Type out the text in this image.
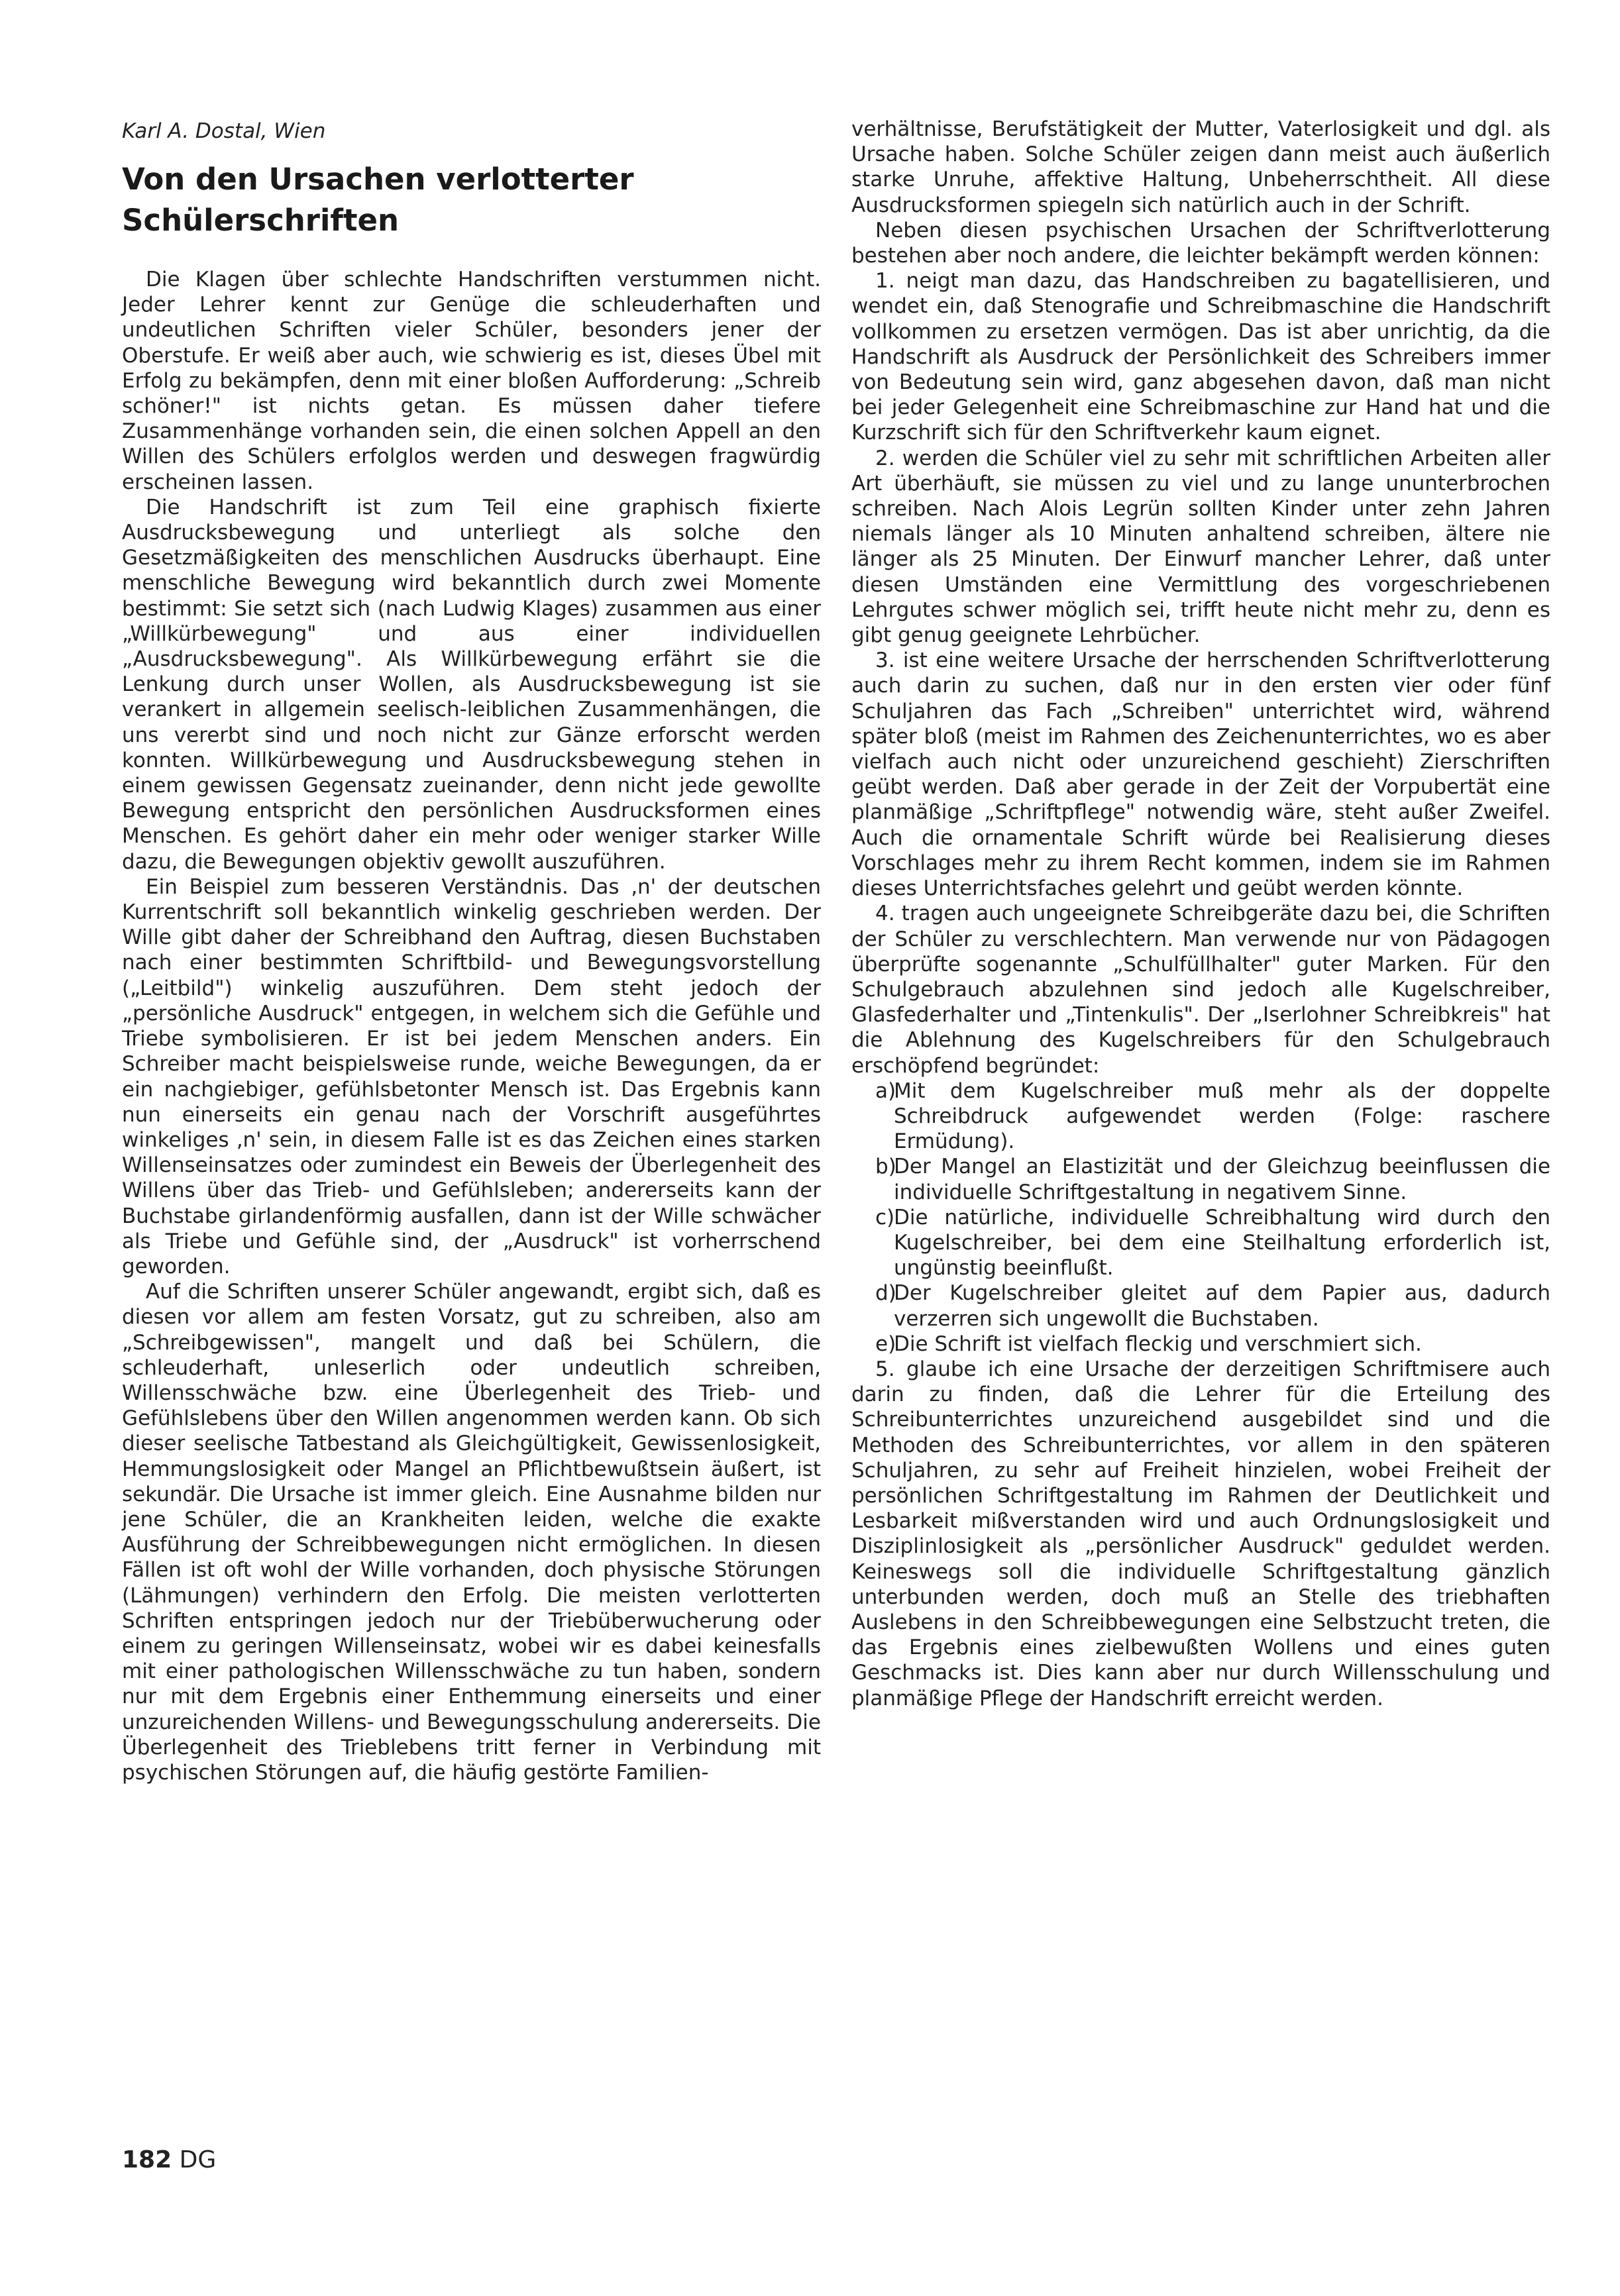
Karl A. Dostal, Wien
Von den Ursachen verlotterter Schülerschriften

Die Klagen über schlechte Handschriften verstummen nicht. Jeder Lehrer kennt zur Genüge die schleuderhaften und undeutlichen Schriften vieler Schüler, besonders jener der Oberstufe. Er weiß aber auch, wie schwierig es ist, dieses Übel mit Erfolg zu bekämpfen, denn mit einer bloßen Aufforderung: „Schreib schöner!" ist nichts getan. Es müssen daher tiefere Zusammenhänge vorhanden sein, die einen solchen Appell an den Willen des Schülers erfolglos werden und deswegen fragwürdig erscheinen lassen.

Die Handschrift ist zum Teil eine graphisch fixierte Ausdrucksbewegung und unterliegt als solche den Gesetzmäßigkeiten des menschlichen Ausdrucks überhaupt. Eine menschliche Bewegung wird bekanntlich durch zwei Momente bestimmt: Sie setzt sich (nach Ludwig Klages) zusammen aus einer „Willkürbewegung" und aus einer individuellen „Ausdrucksbewegung". Als Willkürbewegung erfährt sie die Lenkung durch unser Wollen, als Ausdrucksbewegung ist sie verankert in allgemein seelisch-leiblichen Zusammenhängen, die uns vererbt sind und noch nicht zur Gänze erforscht werden konnten. Willkürbewegung und Ausdrucksbewegung stehen in einem gewissen Gegensatz zueinander, denn nicht jede gewollte Bewegung entspricht den persönlichen Ausdrucksformen eines Menschen. Es gehört daher ein mehr oder weniger starker Wille dazu, die Bewegungen objektiv gewollt auszuführen.

Ein Beispiel zum besseren Verständnis. Das ‚n' der deutschen Kurrentschrift soll bekanntlich winkelig geschrieben werden. Der Wille gibt daher der Schreibhand den Auftrag, diesen Buchstaben nach einer bestimmten Schriftbild- und Bewegungsvorstellung („Leitbild") winkelig auszuführen. Dem steht jedoch der „persönliche Ausdruck" entgegen, in welchem sich die Gefühle und Triebe symbolisieren. Er ist bei jedem Menschen anders. Ein Schreiber macht beispielsweise runde, weiche Bewegungen, da er ein nachgiebiger, gefühlsbetonter Mensch ist. Das Ergebnis kann nun einerseits ein genau nach der Vorschrift ausgeführtes winkeliges ‚n' sein, in diesem Falle ist es das Zeichen eines starken Willenseinsatzes oder zumindest ein Beweis der Überlegenheit des Willens über das Trieb- und Gefühlsleben; andererseits kann der Buchstabe girlandenförmig ausfallen, dann ist der Wille schwächer als Triebe und Gefühle sind, der „Ausdruck" ist vorherrschend geworden.

Auf die Schriften unserer Schüler angewandt, ergibt sich, daß es diesen vor allem am festen Vorsatz, gut zu schreiben, also am „Schreibgewissen", mangelt und daß bei Schülern, die schleuderhaft, unleserlich oder undeutlich schreiben, Willensschwäche bzw. eine Überlegenheit des Trieb- und Gefühlslebens über den Willen angenommen werden kann. Ob sich dieser seelische Tatbestand als Gleichgültigkeit, Gewissenlosigkeit, Hemmungslosigkeit oder Mangel an Pflichtbewußtsein äußert, ist sekundär. Die Ursache ist immer gleich. Eine Ausnahme bilden nur jene Schüler, die an Krankheiten leiden, welche die exakte Ausführung der Schreibbewegungen nicht ermöglichen. In diesen Fällen ist oft wohl der Wille vorhanden, doch physische Störungen (Lähmungen) verhindern den Erfolg. Die meisten verlotterten Schriften entspringen jedoch nur der Triebüberwucherung oder einem zu geringen Willenseinsatz, wobei wir es dabei keinesfalls mit einer pathologischen Willensschwäche zu tun haben, sondern nur mit dem Ergebnis einer Enthemmung einerseits und einer unzureichenden Willens- und Bewegungsschulung andererseits. Die Überlegenheit des Trieblebens tritt ferner in Verbindung mit psychischen Störungen auf, die häufig gestörte Familien-

verhältnisse, Berufstätigkeit der Mutter, Vaterlosigkeit und dgl. als Ursache haben. Solche Schüler zeigen dann meist auch äußerlich starke Unruhe, affektive Haltung, Unbeherrschtheit. All diese Ausdrucksformen spiegeln sich natürlich auch in der Schrift.

Neben diesen psychischen Ursachen der Schriftverlotterung bestehen aber noch andere, die leichter bekämpft werden können:

1. neigt man dazu, das Handschreiben zu bagatellisieren, und wendet ein, daß Stenografie und Schreibmaschine die Handschrift vollkommen zu ersetzen vermögen. Das ist aber unrichtig, da die Handschrift als Ausdruck der Persönlichkeit des Schreibers immer von Bedeutung sein wird, ganz abgesehen davon, daß man nicht bei jeder Gelegenheit eine Schreibmaschine zur Hand hat und die Kurzschrift sich für den Schriftverkehr kaum eignet.

2. werden die Schüler viel zu sehr mit schriftlichen Arbeiten aller Art überhäuft, sie müssen zu viel und zu lange ununterbrochen schreiben. Nach Alois Legrün sollten Kinder unter zehn Jahren niemals länger als 10 Minuten anhaltend schreiben, ältere nie länger als 25 Minuten. Der Einwurf mancher Lehrer, daß unter diesen Umständen eine Vermittlung des vorgeschriebenen Lehrgutes schwer möglich sei, trifft heute nicht mehr zu, denn es gibt genug geeignete Lehrbücher.

3. ist eine weitere Ursache der herrschenden Schriftverlotterung auch darin zu suchen, daß nur in den ersten vier oder fünf Schuljahren das Fach „Schreiben" unterrichtet wird, während später bloß (meist im Rahmen des Zeichenunterrichtes, wo es aber vielfach auch nicht oder unzureichend geschieht) Zierschriften geübt werden. Daß aber gerade in der Zeit der Vorpubertät eine planmäßige „Schriftpflege" notwendig wäre, steht außer Zweifel. Auch die ornamentale Schrift würde bei Realisierung dieses Vorschlages mehr zu ihrem Recht kommen, indem sie im Rahmen dieses Unterrichtsfaches gelehrt und geübt werden könnte.

4. tragen auch ungeeignete Schreibgeräte dazu bei, die Schriften der Schüler zu verschlechtern. Man verwende nur von Pädagogen überprüfte sogenannte „Schulfüllhalter" guter Marken. Für den Schulgebrauch abzulehnen sind jedoch alle Kugelschreiber, Glasfederhalter und „Tintenkulis". Der „Iserlohner Schreibkreis" hat die Ablehnung des Kugelschreibers für den Schulgebrauch erschöpfend begründet:

a)
Mit dem Kugelschreiber muß mehr als der doppelte Schreibdruck aufgewendet werden (Folge: raschere Ermüdung).

b)
Der Mangel an Elastizität und der Gleichzug beeinflussen die individuelle Schriftgestaltung in negativem Sinne.

c)
Die natürliche, individuelle Schreibhaltung wird durch den Kugelschreiber, bei dem eine Steilhaltung erforderlich ist, ungünstig beeinflußt.

d)
Der Kugelschreiber gleitet auf dem Papier aus, dadurch verzerren sich ungewollt die Buchstaben.

e)
Die Schrift ist vielfach fleckig und verschmiert sich.

5. glaube ich eine Ursache der derzeitigen Schriftmisere auch darin zu finden, daß die Lehrer für die Erteilung des Schreibunterrichtes unzureichend ausgebildet sind und die Methoden des Schreibunterrichtes, vor allem in den späteren Schuljahren, zu sehr auf Freiheit hinzielen, wobei Freiheit der persönlichen Schriftgestaltung im Rahmen der Deutlichkeit und Lesbarkeit mißverstanden wird und auch Ordnungslosigkeit und Disziplinlosigkeit als „persönlicher Ausdruck" geduldet werden. Keineswegs soll die individuelle Schriftgestaltung gänzlich unterbunden werden, doch muß an Stelle des triebhaften Auslebens in den Schreibbewegungen eine Selbstzucht treten, die das Ergebnis eines zielbewußten Wollens und eines guten Geschmacks ist. Dies kann aber nur durch Willensschulung und planmäßige Pflege der Handschrift erreicht werden.

182 DG
